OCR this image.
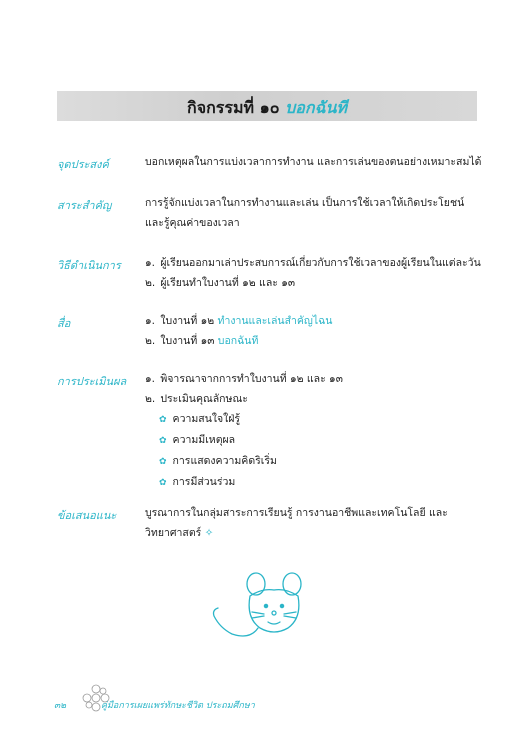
กิจกรรมที่ ๑๐ บอกฉันที
จุดประสงค์	บอกเหตุผลในการแบ่งเวลาการทำงาน และการเล่นของตนอย่างเหมาะสมได้
สาระสำคัญ	การรู้จักแบ่งเวลาในการทำงานและเล่น เป็นการใช้เวลาให้เกิดประโยชน์
และรู้คุณค่าของเวลา
วิธีดำเนินการ	๑. ผู้เรียนออกมาเล่าประสบการณ์เกี่ยวกับการใช้เวลาของผู้เรียนในแต่ละวัน
๒. ผู้เรียนทำใบงานที่ ๑๒ และ ๑๓
สื่อ	๑. ใบงานที่ ๑๒ ทำงานและเล่นสำคัญไฉน
๒. ใบงานที่ ๑๓ บอกฉันที
การประเมินผล	๑. พิจารณาจากการทำใบงานที่ ๑๒ และ ๑๓
๒. ประเมินคุณลักษณะ
✿ ความสนใจใฝ่รู้
✿ ความมีเหตุผล
✿ การแสดงความคิดริเริ่ม
✿ การมีส่วนร่วม
ข้อเสนอแนะ	บูรณาการในกลุ่มสาระการเรียนรู้ การงานอาชีพและเทคโนโลยี และ
วิทยาศาสตร์ ✧
๓๒	คู่มือการเผยแพร่ทักษะชีวิต ประถมศึกษา
